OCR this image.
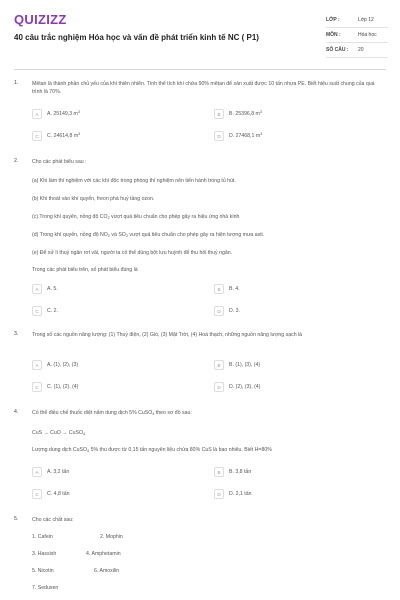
QUIZIZZ
40 câu trắc nghiệm Hóa học và vấn đề phát triển kinh tế NC ( P1)
LỚP :	Lớp 12
MÔN :	Hóa học
SỐ CÂU :	20
1.	Mêtan là thành phần chủ yếu của khí thiên nhiên. Tính thể tích khí chứa 90% mêtan để sản xuất được 10 tấn nhựa PE. Biết hiệu suất chung của quá trình là 70%.
A	A. 25149,3 $m^3$	B	B. 25396,8 $m^3$
C	C. 24614,8 $m^3$	D	D. 27468,1 $m^3$
2.	Cho các phát biểu sau :
(a) Khi làm thí nghiệm với các khí độc trong phòng thí nghiệm nên tiến hành trong tủ hút.
(b) Khi thoát vào khí quyển, freon phá huỷ tầng ozon.
(c) Trong khí quyển, nồng độ CO2 vượt quá tiêu chuẩn cho phép gây ra hiệu ứng nhà kính
(d) Trong khí quyển, nồng độ NO2 và SO2 vượt quá tiêu chuẩn cho phép gây ra hiện tượng mưa axit.
(e) Để xử lí thuỷ ngân rơi vãi, người ta có thể dùng bột lưu huỳnh để thu hồi thuỷ ngân.
Trong các phát biểu trên, số phát biểu đúng là
A	A. 5.	B	B. 4.
C	C. 2.	D	D. 3.
3.	Trong số các nguồn năng lượng: (1) Thuỷ điện, (2) Gió, (3) Mặt Trời, (4) Hoá thạch, những nguồn năng lượng sạch là
A	A. (1), (2), (3)	B	B. (1), (3), (4)
C	C. (1), (2), (4)	D	D. (2), (3), (4)
4.	Có thể điều chế thuốc diệt nấm dung dịch 5% CuSO4 theo sơ đồ sau:
CuS → CuO → CuSO4
Lượng dung dịch CuSO4 5% thu được từ 0,15 tấn nguyên liệu chứa 80% CuS là bao nhiêu. Biết H=80%
A	A. 3,2 tấn	B	B. 3,8 tấn
C	C. 4,8 tấn	D	D. 2,1 tấn
5.	Cho các chất sau:
1. Cafein	2. Mophin
3. Hassish	4. Amphetamin
5. Nicotin	6. Amoxilin
7. Seduxen
